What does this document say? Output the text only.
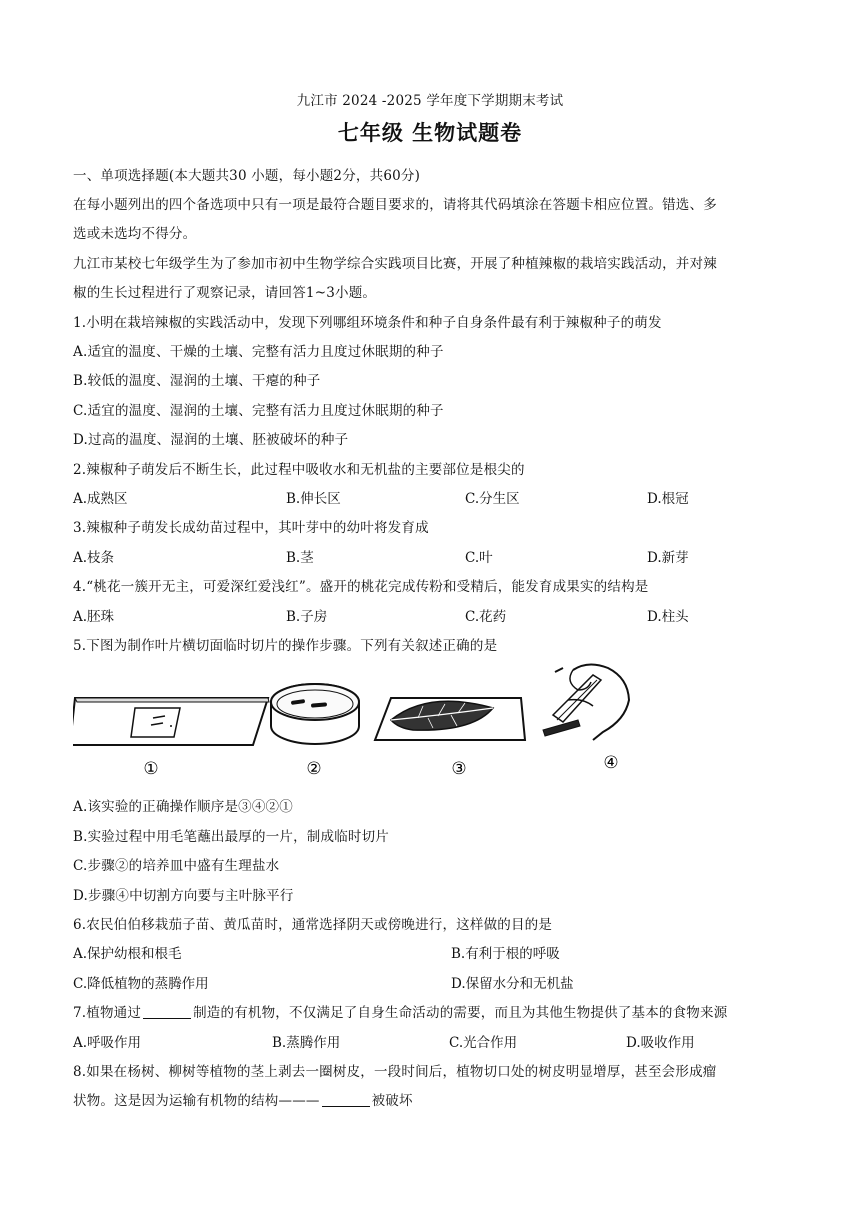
九江市 2024 -2025 学年度下学期期末考试
七年级 生物试题卷
一、单项选择题(本大题共30 小题，每小题2分，共60分)
在每小题列出的四个备选项中只有一项是最符合题目要求的，请将其代码填涂在答题卡相应位置。错选、多
选或未选均不得分。
九江市某校七年级学生为了参加市初中生物学综合实践项目比赛，开展了种植辣椒的栽培实践活动，并对辣
椒的生长过程进行了观察记录，请回答1~3小题。
1.小明在栽培辣椒的实践活动中，发现下列哪组环境条件和种子自身条件最有利于辣椒种子的萌发
A.适宜的温度、干燥的土壤、完整有活力且度过休眠期的种子
B.较低的温度、湿润的土壤、干瘪的种子
C.适宜的温度、湿润的土壤、完整有活力且度过休眠期的种子
D.过高的温度、湿润的土壤、胚被破坏的种子
2.辣椒种子萌发后不断生长，此过程中吸收水和无机盐的主要部位是根尖的
A.成熟区	B.伸长区	C.分生区	D.根冠
3.辣椒种子萌发长成幼苗过程中，其叶芽中的幼叶将发育成
A.枝条	B.茎	C.叶	D.新芽
4.“桃花一簇开无主，可爱深红爱浅红”。盛开的桃花完成传粉和受精后，能发育成果实的结构是
A.胚珠	B.子房	C.花药	D.柱头
5.下图为制作叶片横切面临时切片的操作步骤。下列有关叙述正确的是
①	②	③	④
A.该实验的正确操作顺序是③④②①
B.实验过程中用毛笔蘸出最厚的一片，制成临时切片
C.步骤②的培养皿中盛有生理盐水
D.步骤④中切割方向要与主叶脉平行
6.农民伯伯移栽茄子苗、黄瓜苗时，通常选择阴天或傍晚进行，这样做的目的是
A.保护幼根和根毛	B.有利于根的呼吸
C.降低植物的蒸腾作用	D.保留水分和无机盐
7.植物通过	制造的有机物，不仅满足了自身生命活动的需要，而且为其他生物提供了基本的食物来源
A.呼吸作用	B.蒸腾作用	C.光合作用	D.吸收作用
8.如果在杨树、柳树等植物的茎上剥去一圈树皮，一段时间后，植物切口处的树皮明显增厚，甚至会形成瘤
状物。这是因为运输有机物的结构———	被破坏
